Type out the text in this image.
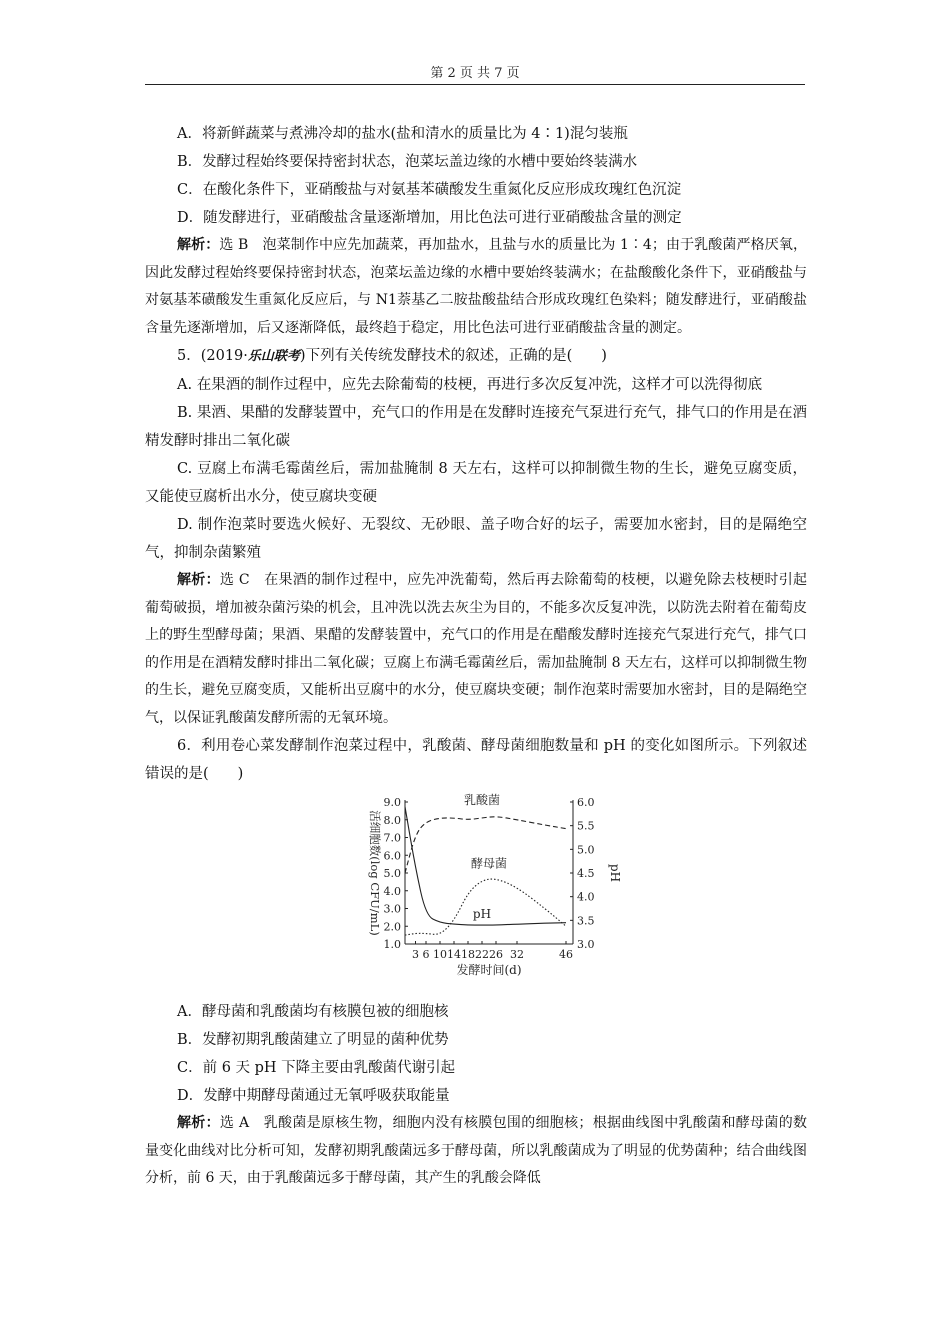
第 2 页 共 7 页

A．将新鲜蔬菜与煮沸冷却的盐水(盐和清水的质量比为 4∶1)混匀装瓶

B．发酵过程始终要保持密封状态，泡菜坛盖边缘的水槽中要始终装满水

C．在酸化条件下，亚硝酸盐与对氨基苯磺酸发生重氮化反应形成玫瑰红色沉淀

D．随发酵进行，亚硝酸盐含量逐渐增加，用比色法可进行亚硝酸盐含量的测定

解析：选 B　泡菜制作中应先加蔬菜，再加盐水，且盐与水的质量比为 1∶4；由于乳酸菌严格厌氧，因此发酵过程始终要保持密封状态，泡菜坛盖边缘的水槽中要始终装满水；在盐酸酸化条件下，亚硝酸盐与对氨基苯磺酸发生重氮化反应后，与 N1萘基乙二胺盐酸盐结合形成玫瑰红色染料；随发酵进行，亚硝酸盐含量先逐渐增加，后又逐渐降低，最终趋于稳定，用比色法可进行亚硝酸盐含量的测定。

5．(2019·乐山联考)下列有关传统发酵技术的叙述，正确的是(　　)

A. 在果酒的制作过程中，应先去除葡萄的枝梗，再进行多次反复冲洗，这样才可以洗得彻底

B. 果酒、果醋的发酵装置中，充气口的作用是在发酵时连接充气泵进行充气，排气口的作用是在酒精发酵时排出二氧化碳

C. 豆腐上布满毛霉菌丝后，需加盐腌制 8 天左右，这样可以抑制微生物的生长，避免豆腐变质，又能使豆腐析出水分，使豆腐块变硬

D. 制作泡菜时要选火候好、无裂纹、无砂眼、盖子吻合好的坛子，需要加水密封，目的是隔绝空气，抑制杂菌繁殖

解析：选 C　在果酒的制作过程中，应先冲洗葡萄，然后再去除葡萄的枝梗，以避免除去枝梗时引起葡萄破损，增加被杂菌污染的机会，且冲洗以洗去灰尘为目的，不能多次反复冲洗，以防洗去附着在葡萄皮上的野生型酵母菌；果酒、果醋的发酵装置中，充气口的作用是在醋酸发酵时连接充气泵进行充气，排气口的作用是在酒精发酵时排出二氧化碳；豆腐上布满毛霉菌丝后，需加盐腌制 8 天左右，这样可以抑制微生物的生长，避免豆腐变质，又能析出豆腐中的水分，使豆腐块变硬；制作泡菜时需要加水密封，目的是隔绝空气，以保证乳酸菌发酵所需的无氧环境。

6．利用卷心菜发酵制作泡菜过程中，乳酸菌、酵母菌细胞数量和 pH 的变化如图所示。下列叙述错误的是(　　)

1.0
2.0
3.0
4.0
5.0
6.0
7.0
8.0
9.0
3.0
3.5
4.0
4.5
5.0
5.5
6.0
3 6 10 14 18 22 26 32	46
乳酸菌
酵母菌
pH
发酵时间(d)
活细胞数(log CFU/mL)	pH

A．酵母菌和乳酸菌均有核膜包被的细胞核

B．发酵初期乳酸菌建立了明显的菌种优势

C．前 6 天 pH 下降主要由乳酸菌代谢引起

D．发酵中期酵母菌通过无氧呼吸获取能量

解析：选 A　乳酸菌是原核生物，细胞内没有核膜包围的细胞核；根据曲线图中乳酸菌和酵母菌的数量变化曲线对比分析可知，发酵初期乳酸菌远多于酵母菌，所以乳酸菌成为了明显的优势菌种；结合曲线图分析，前 6 天，由于乳酸菌远多于酵母菌，其产生的乳酸会降低
